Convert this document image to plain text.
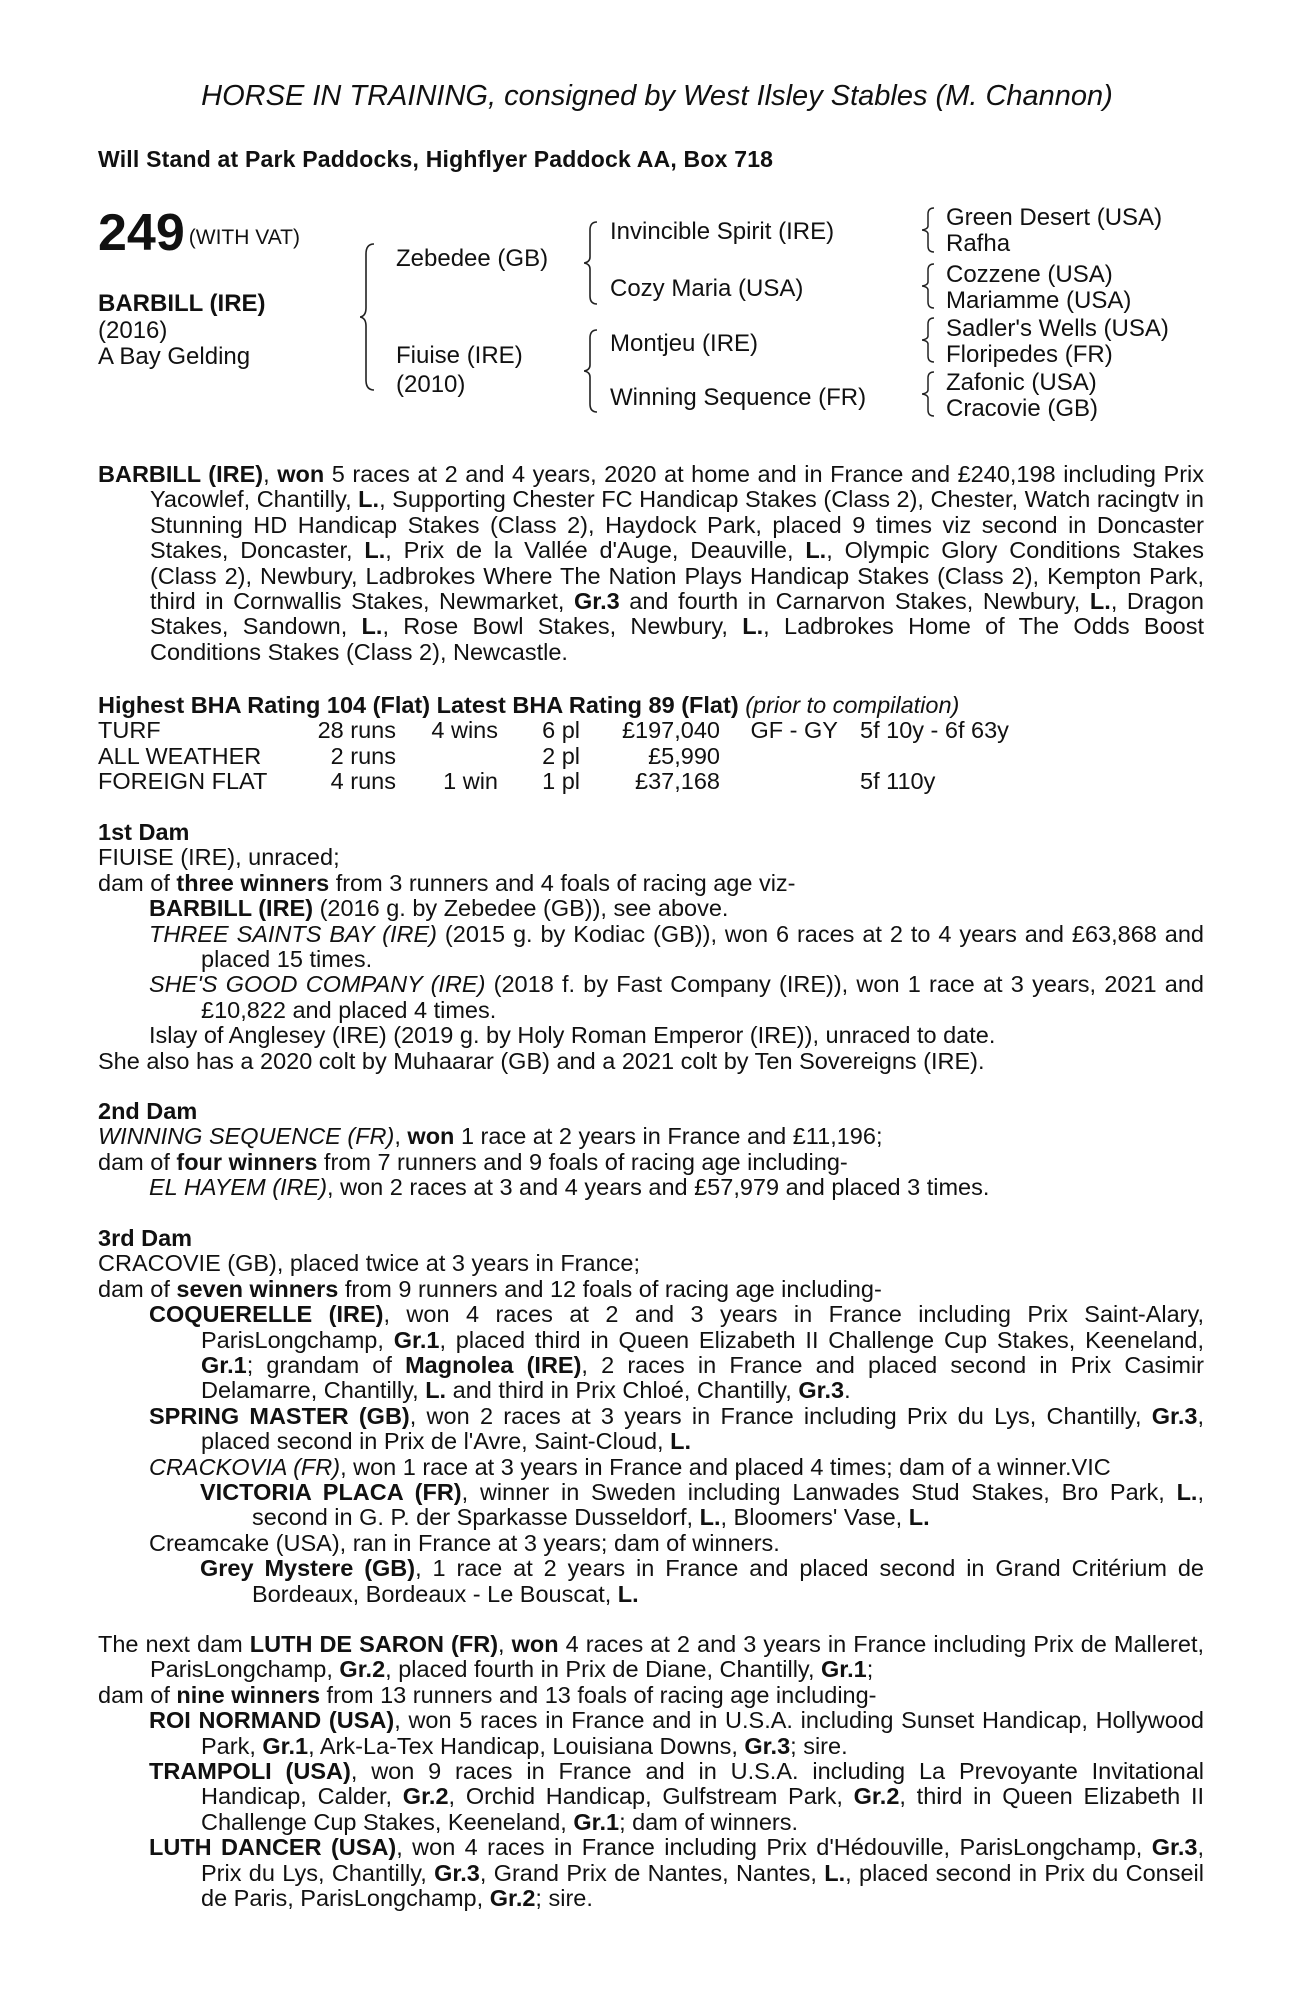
HORSE IN TRAINING, consigned by West Ilsley Stables (M. Channon)
Will Stand at Park Paddocks, Highflyer Paddock AA, Box 718
249 (WITH VAT)
BARBILL (IRE)
(2016)
A Bay Gelding
Zebedee (GB)
Fiuise (IRE)
(2010)
Invincible Spirit (IRE)
Cozy Maria (USA)
Montjeu (IRE)
Winning Sequence (FR)
Green Desert (USA)
Rafha
Cozzene (USA)
Mariamme (USA)
Sadler's Wells (USA)
Floripedes (FR)
Zafonic (USA)
Cracovie (GB)

BARBILL (IRE), won 5 races at 2 and 4 years, 2020 at home and in France and £240,198 including Prix Yacowlef, Chantilly, L., Supporting Chester FC Handicap Stakes (Class 2), Chester, Watch racingtv in Stunning HD Handicap Stakes (Class 2), Haydock Park, placed 9 times viz second in Doncaster Stakes, Doncaster, L., Prix de la Vallée d'Auge, Deauville, L., Olympic Glory Conditions Stakes (Class 2), Newbury, Ladbrokes Where The Nation Plays Handicap Stakes (Class 2), Kempton Park, third in Cornwallis Stakes, Newmarket, Gr.3 and fourth in Carnarvon Stakes, Newbury, L., Dragon Stakes, Sandown, L., Rose Bowl Stakes, Newbury, L., Ladbrokes Home of The Odds Boost Conditions Stakes (Class 2), Newcastle.

Highest BHA Rating 104 (Flat) Latest BHA Rating 89 (Flat) (prior to compilation)

TURF	28 runs	4 wins	6 pl	£197,040	GF - GY	5f 10y - 6f 63y
ALL WEATHER	2 runs		2 pl	£5,990		
FOREIGN FLAT	4 runs	1 win	1 pl	£37,168		5f 110y

1st Dam

FIUISE (IRE), unraced;

dam of three winners from 3 runners and 4 foals of racing age viz-

BARBILL (IRE) (2016 g. by Zebedee (GB)), see above.

THREE SAINTS BAY (IRE) (2015 g. by Kodiac (GB)), won 6 races at 2 to 4 years and £63,868 and placed 15 times.

SHE'S GOOD COMPANY (IRE) (2018 f. by Fast Company (IRE)), won 1 race at 3 years, 2021 and £10,822 and placed 4 times.

Islay of Anglesey (IRE) (2019 g. by Holy Roman Emperor (IRE)), unraced to date.

She also has a 2020 colt by Muhaarar (GB) and a 2021 colt by Ten Sovereigns (IRE).

2nd Dam

WINNING SEQUENCE (FR), won 1 race at 2 years in France and £11,196;

dam of four winners from 7 runners and 9 foals of racing age including-

EL HAYEM (IRE), won 2 races at 3 and 4 years and £57,979 and placed 3 times.

3rd Dam

CRACOVIE (GB), placed twice at 3 years in France;

dam of seven winners from 9 runners and 12 foals of racing age including-

COQUERELLE (IRE), won 4 races at 2 and 3 years in France including Prix Saint-Alary, ParisLongchamp, Gr.1, placed third in Queen Elizabeth II Challenge Cup Stakes, Keeneland, Gr.1; grandam of Magnolea (IRE), 2 races in France and placed second in Prix Casimir Delamarre, Chantilly, L. and third in Prix Chloé, Chantilly, Gr.3.

SPRING MASTER (GB), won 2 races at 3 years in France including Prix du Lys, Chantilly, Gr.3, placed second in Prix de l'Avre, Saint-Cloud, L.

CRACKOVIA (FR), won 1 race at 3 years in France and placed 4 times; dam of a winner.VIC

VICTORIA PLACA (FR), winner in Sweden including Lanwades Stud Stakes, Bro Park, L., second in G. P. der Sparkasse Dusseldorf, L., Bloomers' Vase, L.

Creamcake (USA), ran in France at 3 years; dam of winners.

Grey Mystere (GB), 1 race at 2 years in France and placed second in Grand Critérium de Bordeaux, Bordeaux - Le Bouscat, L.

The next dam LUTH DE SARON (FR), won 4 races at 2 and 3 years in France including Prix de Malleret, ParisLongchamp, Gr.2, placed fourth in Prix de Diane, Chantilly, Gr.1;

dam of nine winners from 13 runners and 13 foals of racing age including-

ROI NORMAND (USA), won 5 races in France and in U.S.A. including Sunset Handicap, Hollywood Park, Gr.1, Ark-La-Tex Handicap, Louisiana Downs, Gr.3; sire.

TRAMPOLI (USA), won 9 races in France and in U.S.A. including La Prevoyante Invitational Handicap, Calder, Gr.2, Orchid Handicap, Gulfstream Park, Gr.2, third in Queen Elizabeth II Challenge Cup Stakes, Keeneland, Gr.1; dam of winners.

LUTH DANCER (USA), won 4 races in France including Prix d'Hédouville, ParisLongchamp, Gr.3, Prix du Lys, Chantilly, Gr.3, Grand Prix de Nantes, Nantes, L., placed second in Prix du Conseil de Paris, ParisLongchamp, Gr.2; sire.
